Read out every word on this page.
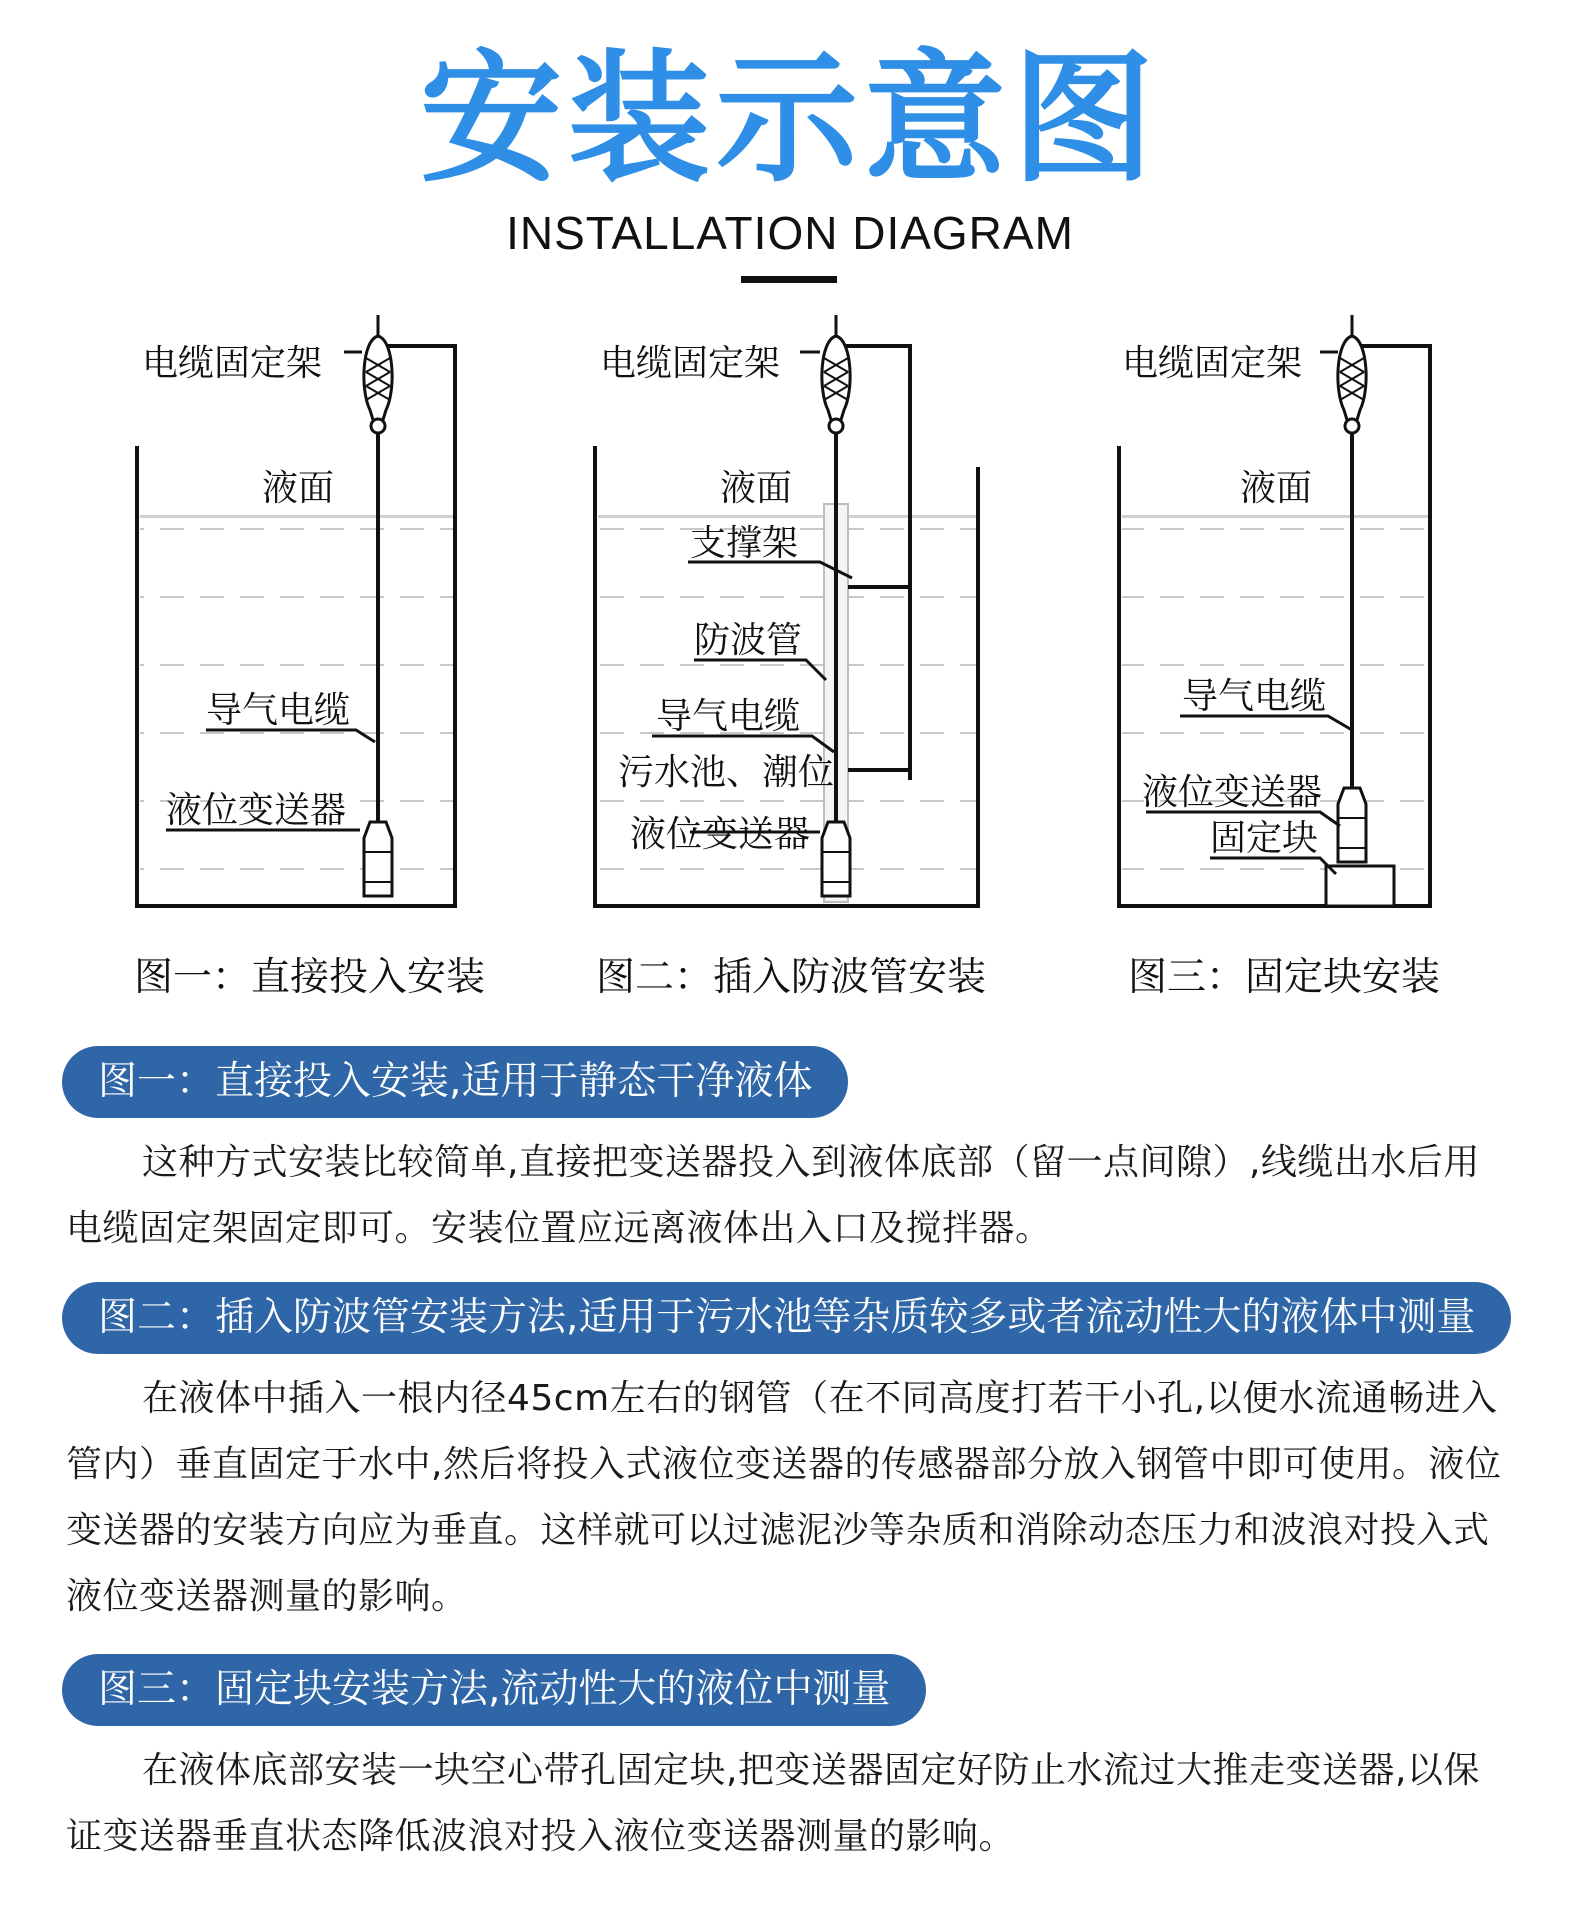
安装示意图
INSTALLATION DIAGRAM
电缆固定架
液面
导气电缆
液位变送器
电缆固定架
液面
支撑架
防波管
导气电缆
污水池、潮位
液位变送器
电缆固定架
液面
导气电缆
液位变送器
固定块
图一：直接投入安装	图二：插入防波管安装	图三：固定块安装
图一：直接投入安装,适用于静态干净液体
这种方式安装比较简单,直接把变送器投入到液体底部（留一点间隙）,线缆出水后用电缆固定架固定即可。安装位置应远离液体出入口及搅拌器。
图二：插入防波管安装方法,适用于污水池等杂质较多或者流动性大的液体中测量
在液体中插入一根内径45cm左右的钢管（在不同高度打若干小孔,以便水流通畅进入管内）垂直固定于水中,然后将投入式液位变送器的传感器部分放入钢管中即可使用。液位变送器的安装方向应为垂直。这样就可以过滤泥沙等杂质和消除动态压力和波浪对投入式液位变送器测量的影响。
图三：固定块安装方法,流动性大的液位中测量
在液体底部安装一块空心带孔固定块,把变送器固定好防止水流过大推走变送器,以保证变送器垂直状态降低波浪对投入液位变送器测量的影响。
